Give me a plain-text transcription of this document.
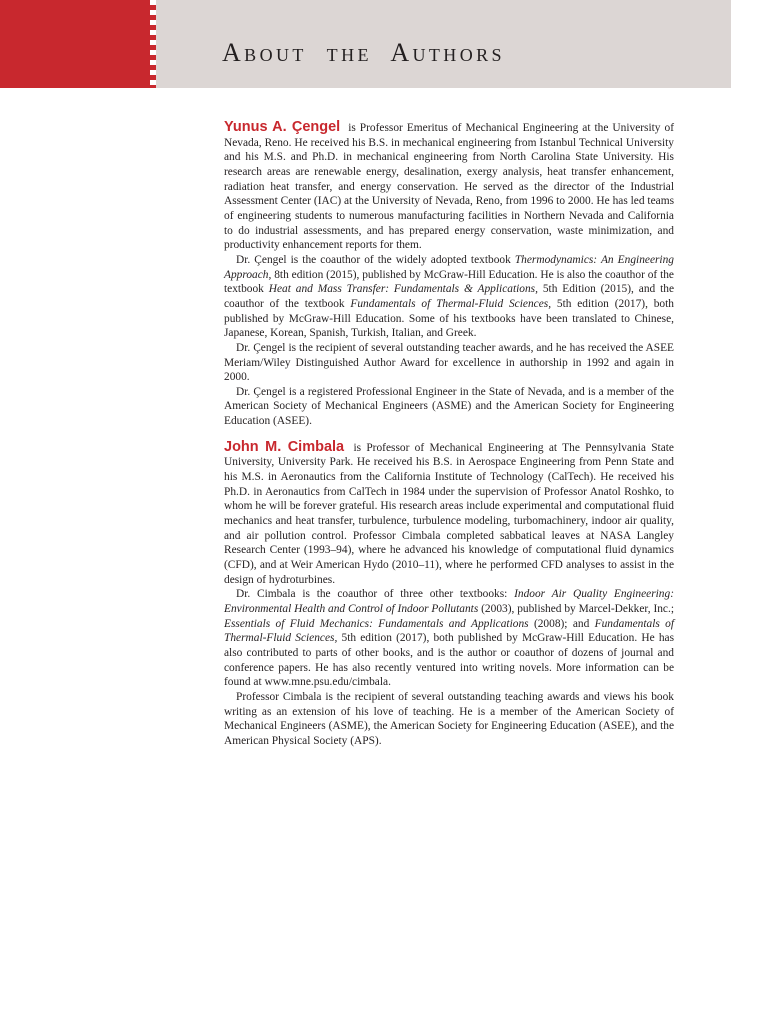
About the Authors

Yunus A. Çengel is Professor Emeritus of Mechanical Engineering at the University of Nevada, Reno. He received his B.S. in mechanical engineering from Istanbul Technical University and his M.S. and Ph.D. in mechanical engineering from North Carolina State University. His research areas are renewable energy, desalination, exergy analysis, heat transfer enhancement, radiation heat transfer, and energy conservation. He served as the director of the Industrial Assessment Center (IAC) at the University of Nevada, Reno, from 1996 to 2000. He has led teams of engineering students to numerous manufacturing facilities in Northern Nevada and California to do industrial assessments, and has prepared energy conservation, waste minimization, and productivity enhancement reports for them.

Dr. Çengel is the coauthor of the widely adopted textbook Thermodynamics: An Engineering Approach, 8th edition (2015), published by McGraw-Hill Education. He is also the coauthor of the textbook Heat and Mass Transfer: Fundamentals & Applications, 5th Edition (2015), and the coauthor of the textbook Fundamentals of Thermal-Fluid Sciences, 5th edition (2017), both published by McGraw-Hill Education. Some of his textbooks have been translated to Chinese, Japanese, Korean, Spanish, Turkish, Italian, and Greek.

Dr. Çengel is the recipient of several outstanding teacher awards, and he has received the ASEE Meriam/Wiley Distinguished Author Award for excellence in authorship in 1992 and again in 2000.

Dr. Çengel is a registered Professional Engineer in the State of Nevada, and is a member of the American Society of Mechanical Engineers (ASME) and the American Society for Engineering Education (ASEE).

John M. Cimbala is Professor of Mechanical Engineering at The Pennsylvania State University, University Park. He received his B.S. in Aerospace Engineering from Penn State and his M.S. in Aeronautics from the California Institute of Technology (CalTech). He received his Ph.D. in Aeronautics from CalTech in 1984 under the supervision of Professor Anatol Roshko, to whom he will be forever grateful. His research areas include experimental and computational fluid mechanics and heat transfer, turbulence, turbulence modeling, turbomachinery, indoor air quality, and air pollution control. Professor Cimbala completed sabbatical leaves at NASA Langley Research Center (1993–94), where he advanced his knowledge of computational fluid dynamics (CFD), and at Weir American Hydo (2010–11), where he performed CFD analyses to assist in the design of hydroturbines.

Dr. Cimbala is the coauthor of three other textbooks: Indoor Air Quality Engineering: Environmental Health and Control of Indoor Pollutants (2003), published by Marcel-Dekker, Inc.; Essentials of Fluid Mechanics: Fundamentals and Applications (2008); and Fundamentals of Thermal-Fluid Sciences, 5th edition (2017), both published by McGraw-Hill Education. He has also contributed to parts of other books, and is the author or coauthor of dozens of journal and conference papers. He has also recently ventured into writing novels. More information can be found at www.mne.psu.edu/cimbala.

Professor Cimbala is the recipient of several outstanding teaching awards and views his book writing as an extension of his love of teaching. He is a member of the American Society of Mechanical Engineers (ASME), the American Society for Engineering Education (ASEE), and the American Physical Society (APS).
